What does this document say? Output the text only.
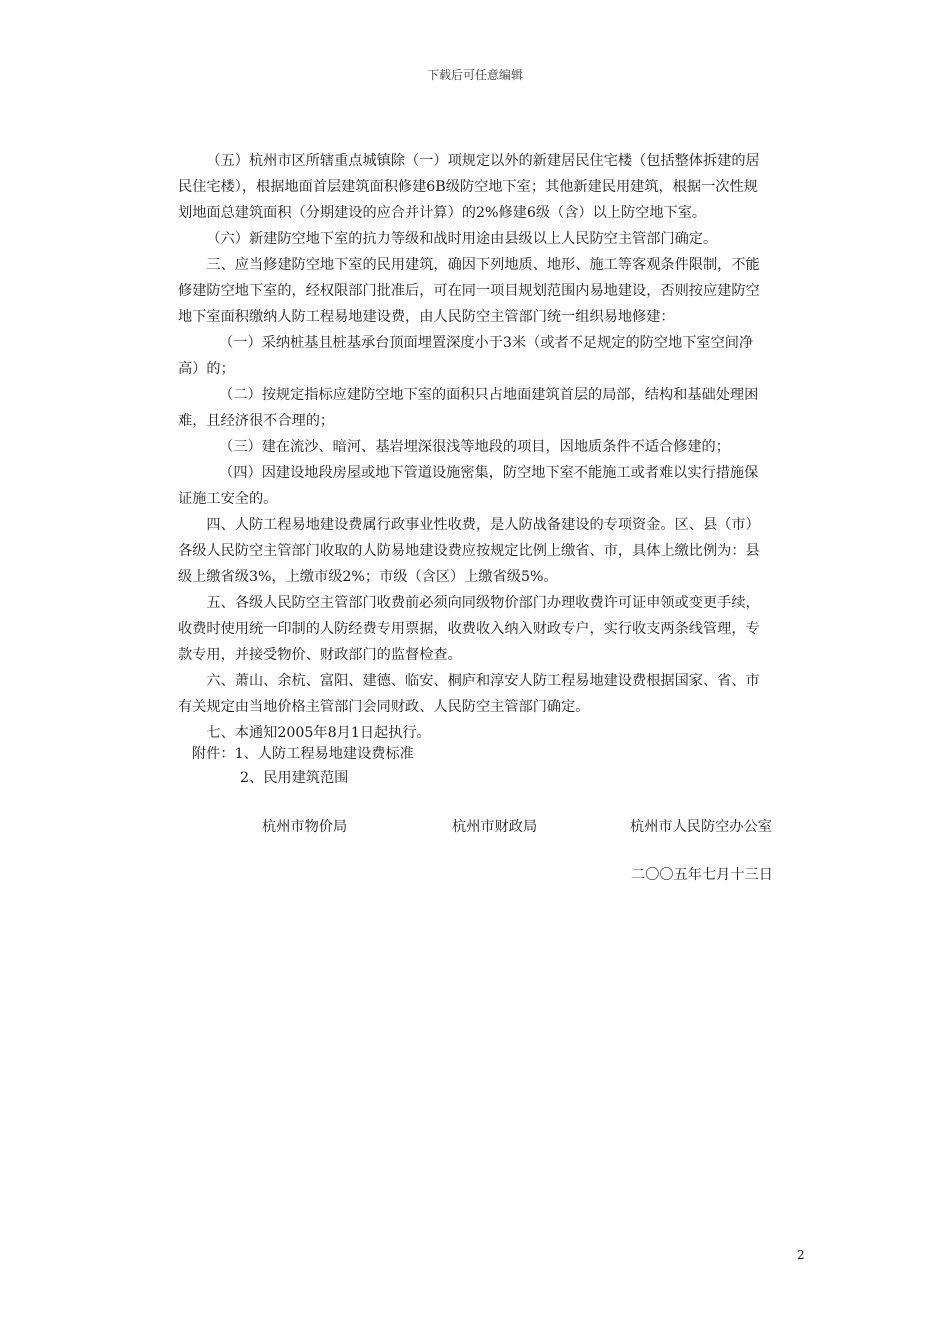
下载后可任意编辑

（五）杭州市区所辖重点城镇除（一）项规定以外的新建居民住宅楼（包括整体拆建的居民住宅楼），根据地面首层建筑面积修建6B级防空地下室；其他新建民用建筑，根据一次性规划地面总建筑面积（分期建设的应合并计算）的2%修建6级（含）以上防空地下室。

（六）新建防空地下室的抗力等级和战时用途由县级以上人民防空主管部门确定。

三、应当修建防空地下室的民用建筑，确因下列地质、地形、施工等客观条件限制，不能修建防空地下室的，经权限部门批准后，可在同一项目规划范围内易地建设，否则按应建防空地下室面积缴纳人防工程易地建设费，由人民防空主管部门统一组织易地修建：

（一）采纳桩基且桩基承台顶面埋置深度小于3米（或者不足规定的防空地下室空间净高）的；

（二）按规定指标应建防空地下室的面积只占地面建筑首层的局部，结构和基础处理困难，且经济很不合理的；

（三）建在流沙、暗河、基岩埋深很浅等地段的项目，因地质条件不适合修建的；

（四）因建设地段房屋或地下管道设施密集，防空地下室不能施工或者难以实行措施保证施工安全的。

四、人防工程易地建设费属行政事业性收费，是人防战备建设的专项资金。区、县（市）各级人民防空主管部门收取的人防易地建设费应按规定比例上缴省、市，具体上缴比例为：县级上缴省级3%，上缴市级2%；市级（含区）上缴省级5%。

五、各级人民防空主管部门收费前必须向同级物价部门办理收费许可证申领或变更手续，收费时使用统一印制的人防经费专用票据，收费收入纳入财政专户，实行收支两条线管理，专款专用，并接受物价、财政部门的监督检查。

六、萧山、余杭、富阳、建德、临安、桐庐和淳安人防工程易地建设费根据国家、省、市有关规定由当地价格主管部门会同财政、人民防空主管部门确定。

七、本通知2005年8月1日起执行。

附件：1、人防工程易地建设费标准
2、民用建筑范围
杭州市物价局	杭州市财政局	杭州市人民防空办公室
二〇〇五年七月十三日
2
